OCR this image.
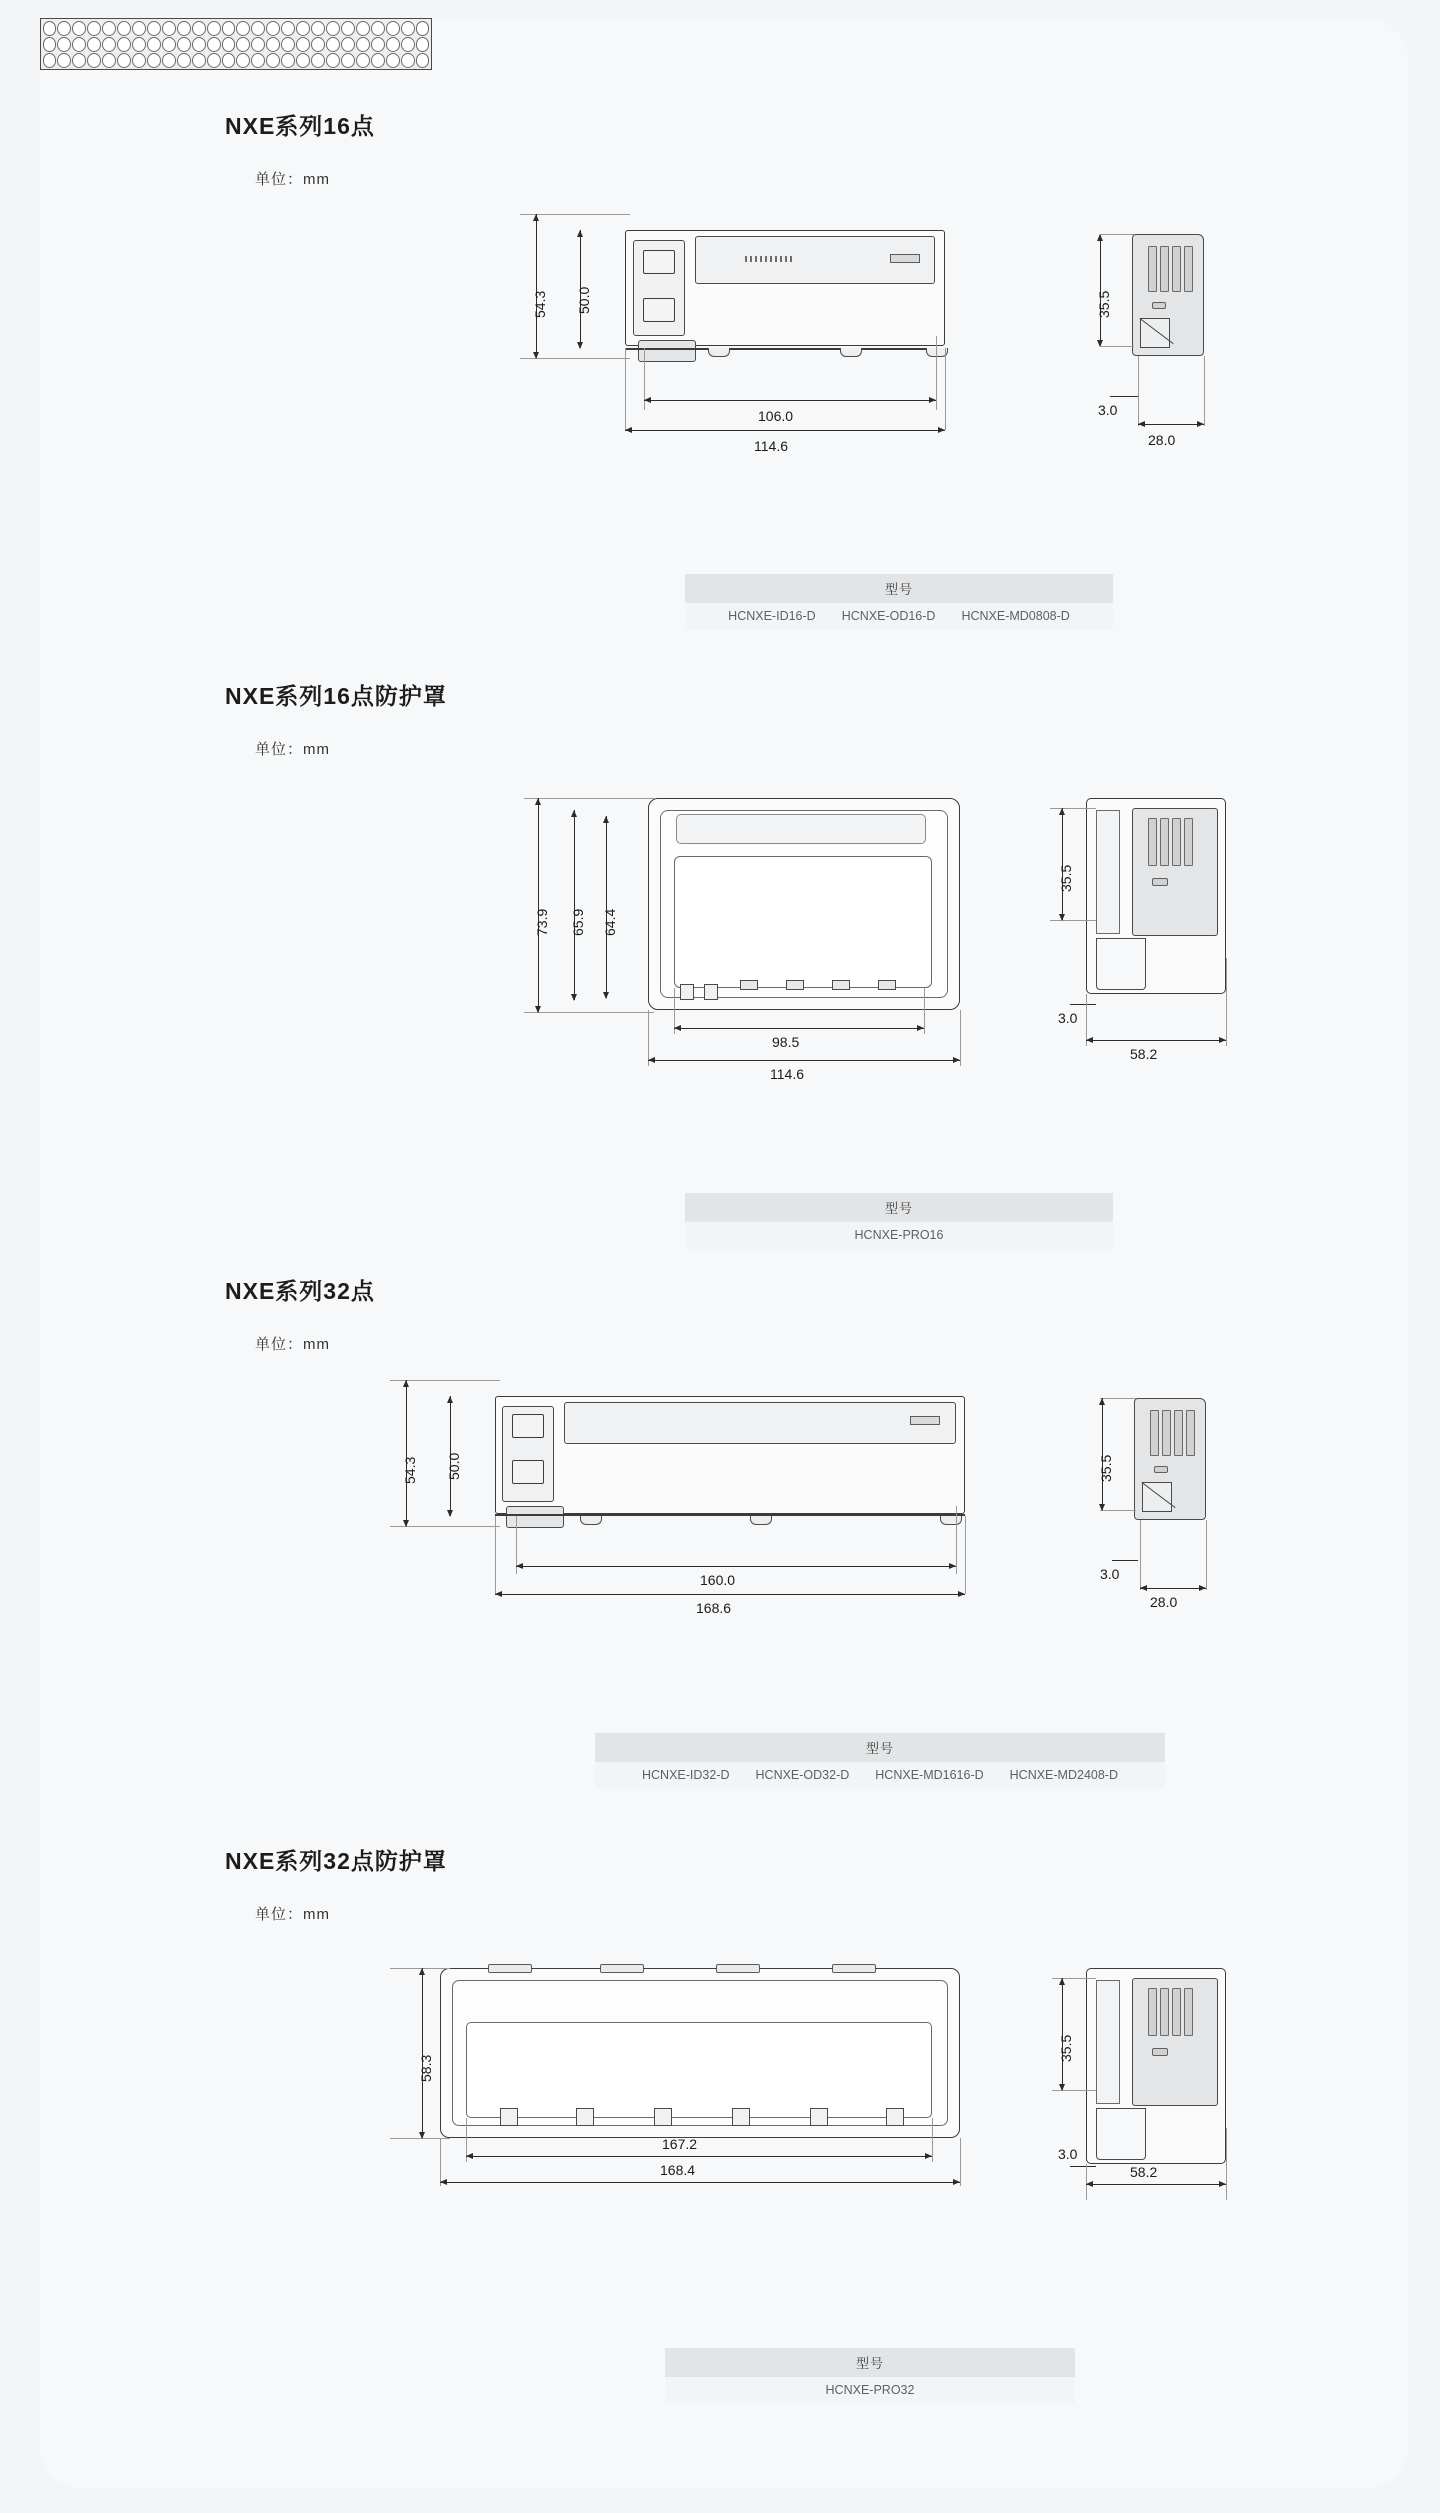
NXE系列16点
单位：mm
54.3 50.0
106.0
114.6
35.5
3.0
28.0
型号
HCNXE-ID16-D HCNXE-OD16-D HCNXE-MD0808-D
NXE系列16点防护罩
单位：mm
73.9 65.9 64.4
98.5
114.6
35.5
3.0
58.2
型号
HCNXE-PRO16
NXE系列32点
单位：mm
54.3 50.0
160.0
168.6
35.5
3.0
28.0
型号
HCNXE-ID32-D HCNXE-OD32-D HCNXE-MD1616-D HCNXE-MD2408-D
NXE系列32点防护罩
单位：mm
58.3
167.2
168.4
35.5
3.0
58.2
型号
HCNXE-PRO32
